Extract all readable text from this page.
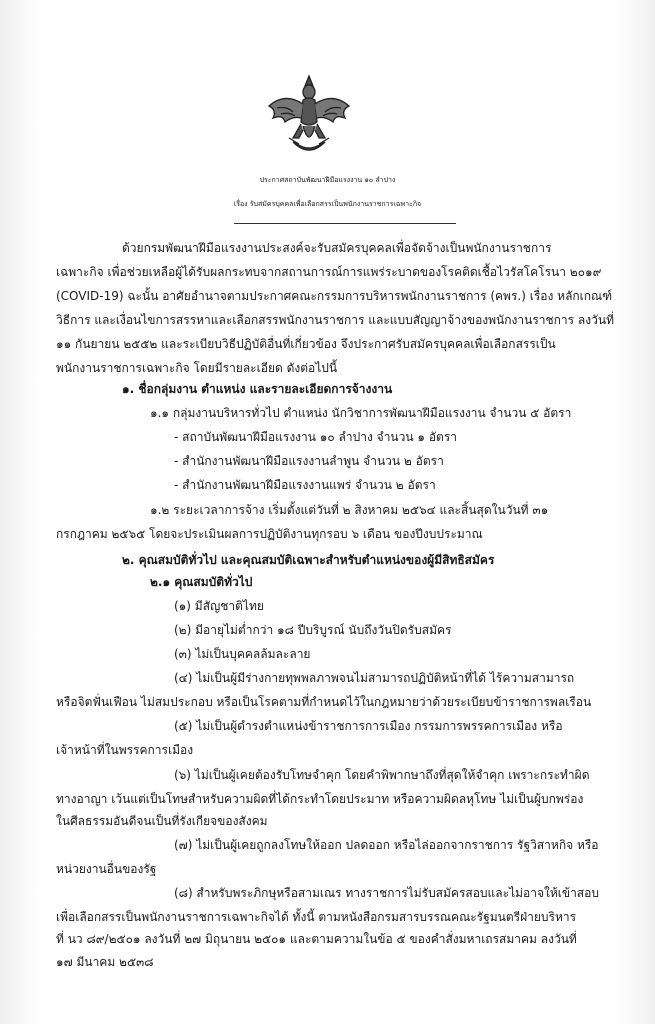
ประกาศสถาบันพัฒนาฝีมือแรงงาน ๑๐ ลำปาง
เรื่อง รับสมัครบุคคลเพื่อเลือกสรรเป็นพนักงานราชการเฉพาะกิจ
ด้วยกรมพัฒนาฝีมือแรงงานประสงค์จะรับสมัครบุคคลเพื่อจัดจ้างเป็นพนักงานราชการ
เฉพาะกิจ เพื่อช่วยเหลือผู้ได้รับผลกระทบจากสถานการณ์การแพร่ระบาดของโรคติดเชื้อไวรัสโคโรนา ๒๐๑๙
(COVID-19) ฉะนั้น อาศัยอำนาจตามประกาศคณะกรรมการบริหารพนักงานราชการ (คพร.) เรื่อง หลักเกณฑ์
วิธีการ และเงื่อนไขการสรรหาและเลือกสรรพนักงานราชการ และแบบสัญญาจ้างของพนักงานราชการ ลงวันที่
๑๑ กันยายน ๒๕๕๒ และระเบียบวิธีปฏิบัติอื่นที่เกี่ยวข้อง จึงประกาศรับสมัครบุคคลเพื่อเลือกสรรเป็น
พนักงานราชการเฉพาะกิจ โดยมีรายละเอียด ดังต่อไปนี้
๑. ชื่อกลุ่มงาน ตำแหน่ง และรายละเอียดการจ้างงาน
๑.๑ กลุ่มงานบริหารทั่วไป ตำแหน่ง นักวิชาการพัฒนาฝีมือแรงงาน จำนวน ๕ อัตรา
- สถาบันพัฒนาฝีมือแรงงาน ๑๐ ลำปาง จำนวน ๑ อัตรา
- สำนักงานพัฒนาฝีมือแรงงานลำพูน จำนวน ๒ อัตรา
- สำนักงานพัฒนาฝีมือแรงงานแพร่ จำนวน ๒ อัตรา
๑.๒ ระยะเวลาการจ้าง เริ่มตั้งแต่วันที่ ๒ สิงหาคม ๒๕๖๔ และสิ้นสุดในวันที่ ๓๑
กรกฎาคม ๒๕๖๕ โดยจะประเมินผลการปฏิบัติงานทุกรอบ ๖ เดือน ของปีงบประมาณ
๒. คุณสมบัติทั่วไป และคุณสมบัติเฉพาะสำหรับตำแหน่งของผู้มีสิทธิสมัคร
๒.๑ คุณสมบัติทั่วไป
(๑) มีสัญชาติไทย
(๒) มีอายุไม่ต่ำกว่า ๑๘ ปีบริบูรณ์ นับถึงวันปิดรับสมัคร
(๓) ไม่เป็นบุคคลล้มละลาย
(๔) ไม่เป็นผู้มีร่างกายทุพพลภาพจนไม่สามารถปฏิบัติหน้าที่ได้ ไร้ความสามารถ
หรือจิตฟั่นเฟือน ไม่สมประกอบ หรือเป็นโรคตามที่กำหนดไว้ในกฎหมายว่าด้วยระเบียบข้าราชการพลเรือน
(๕) ไม่เป็นผู้ดำรงตำแหน่งข้าราชการการเมือง กรรมการพรรคการเมือง หรือ
เจ้าหน้าที่ในพรรคการเมือง
(๖) ไม่เป็นผู้เคยต้องรับโทษจำคุก โดยคำพิพากษาถึงที่สุดให้จำคุก เพราะกระทำผิด
ทางอาญา เว้นแต่เป็นโทษสำหรับความผิดที่ได้กระทำโดยประมาท หรือความผิดลหุโทษ ไม่เป็นผู้บกพร่อง
ในศีลธรรมอันดีจนเป็นที่รังเกียจของสังคม
(๗) ไม่เป็นผู้เคยถูกลงโทษให้ออก ปลดออก หรือไล่ออกจากราชการ รัฐวิสาหกิจ หรือ
หน่วยงานอื่นของรัฐ
(๘) สำหรับพระภิกษุหรือสามเณร ทางราชการไม่รับสมัครสอบและไม่อาจให้เข้าสอบ
เพื่อเลือกสรรเป็นพนักงานราชการเฉพาะกิจได้ ทั้งนี้ ตามหนังสือกรมสารบรรณคณะรัฐมนตรีฝ่ายบริหาร
ที่ นว ๘๙/๒๕๐๑ ลงวันที่ ๒๗ มิถุนายน ๒๕๐๑ และตามความในข้อ ๕ ของคำสั่งมหาเถรสมาคม ลงวันที่
๑๗ มีนาคม ๒๕๓๘
